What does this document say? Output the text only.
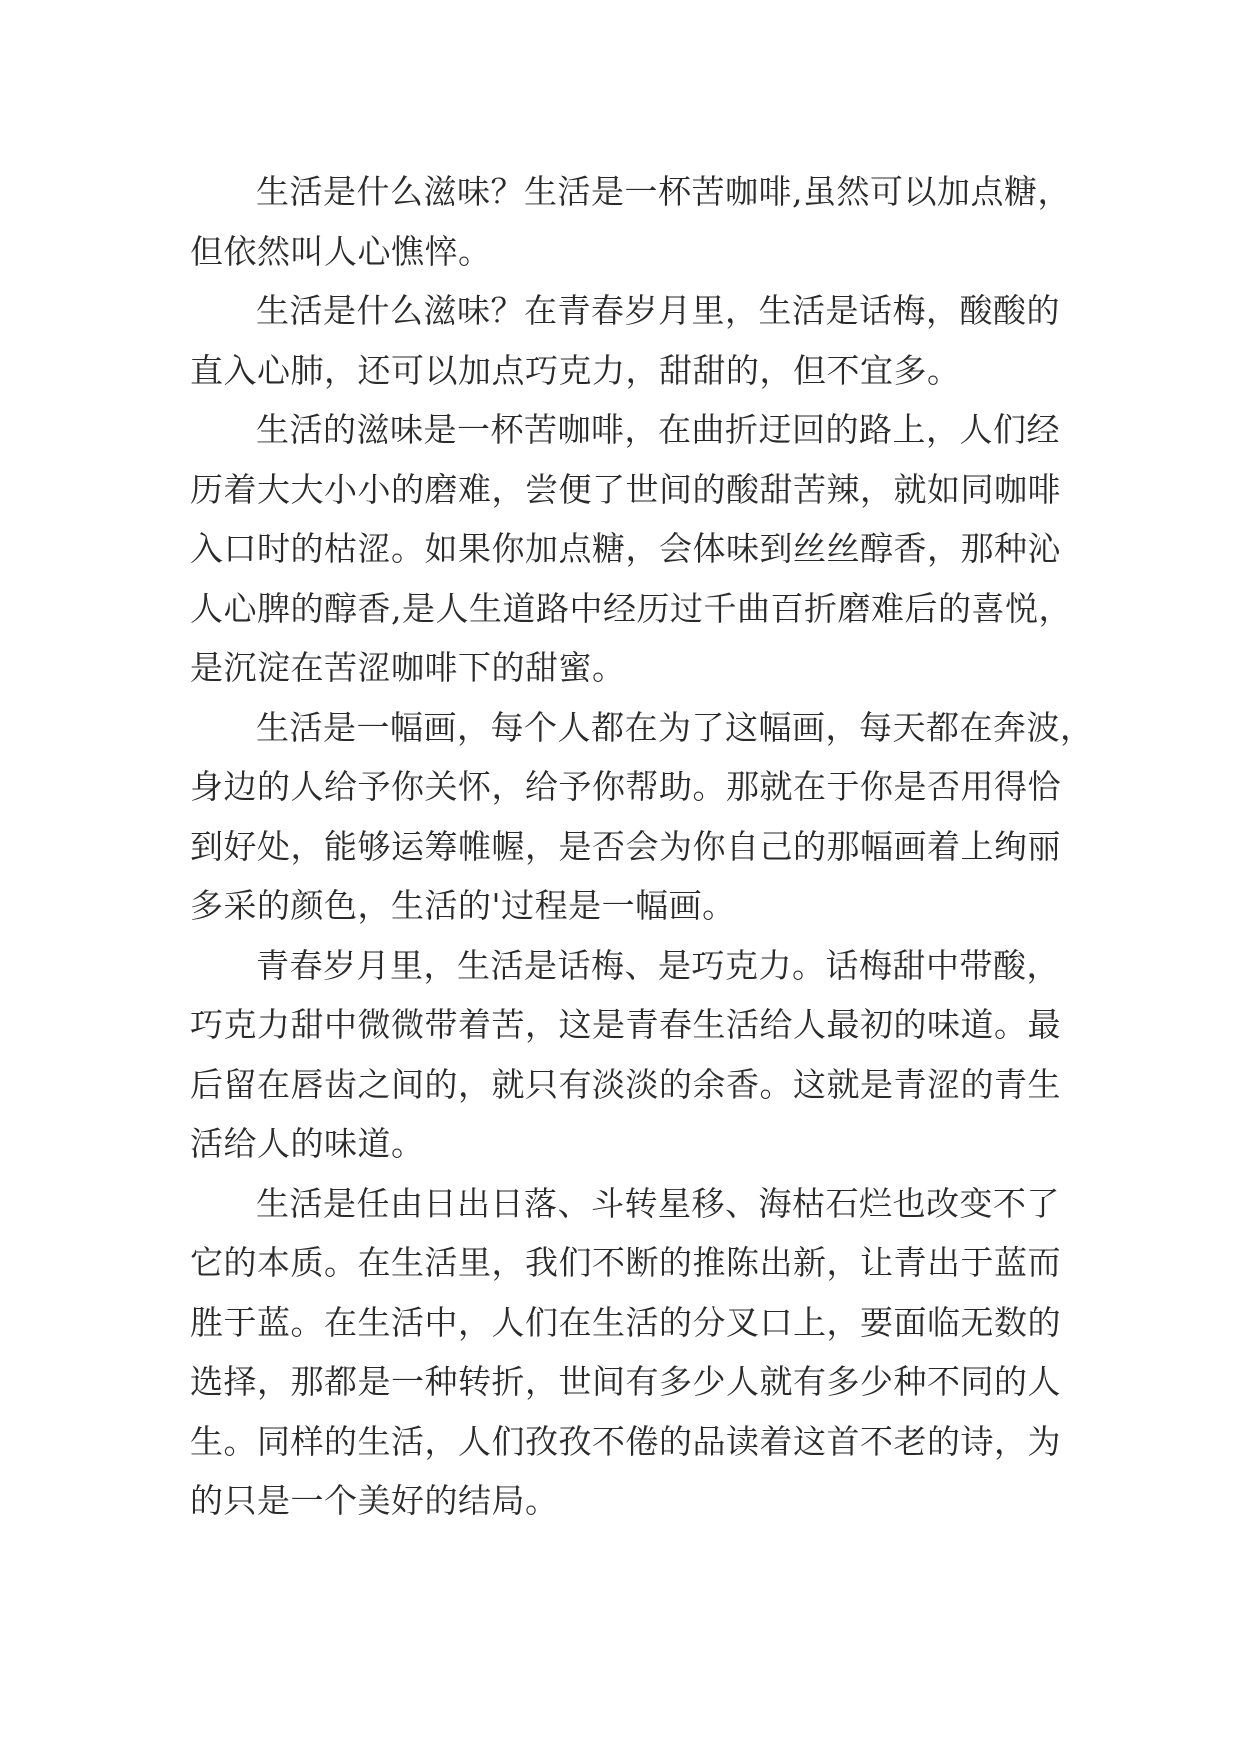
生活是什么滋味？生活是一杯苦咖啡,虽然可以加点糖，
但依然叫人心憔悴。
生活是什么滋味？在青春岁月里，生活是话梅，酸酸的
直入心肺，还可以加点巧克力，甜甜的，但不宜多。
生活的滋味是一杯苦咖啡，在曲折迂回的路上，人们经
历着大大小小的磨难，尝便了世间的酸甜苦辣，就如同咖啡
入口时的枯涩。如果你加点糖，会体味到丝丝醇香，那种沁
人心脾的醇香,是人生道路中经历过千曲百折磨难后的喜悦，
是沉淀在苦涩咖啡下的甜蜜。
生活是一幅画，每个人都在为了这幅画，每天都在奔波，
身边的人给予你关怀，给予你帮助。那就在于你是否用得恰
到好处，能够运筹帷幄，是否会为你自己的那幅画着上绚丽
多采的颜色，生活的'过程是一幅画。
青春岁月里，生活是话梅、是巧克力。话梅甜中带酸，
巧克力甜中微微带着苦，这是青春生活给人最初的味道。最
后留在唇齿之间的，就只有淡淡的余香。这就是青涩的青生
活给人的味道。
生活是任由日出日落、斗转星移、海枯石烂也改变不了
它的本质。在生活里，我们不断的推陈出新，让青出于蓝而
胜于蓝。在生活中，人们在生活的分叉口上，要面临无数的
选择，那都是一种转折，世间有多少人就有多少种不同的人
生。同样的生活，人们孜孜不倦的品读着这首不老的诗，为
的只是一个美好的结局。
